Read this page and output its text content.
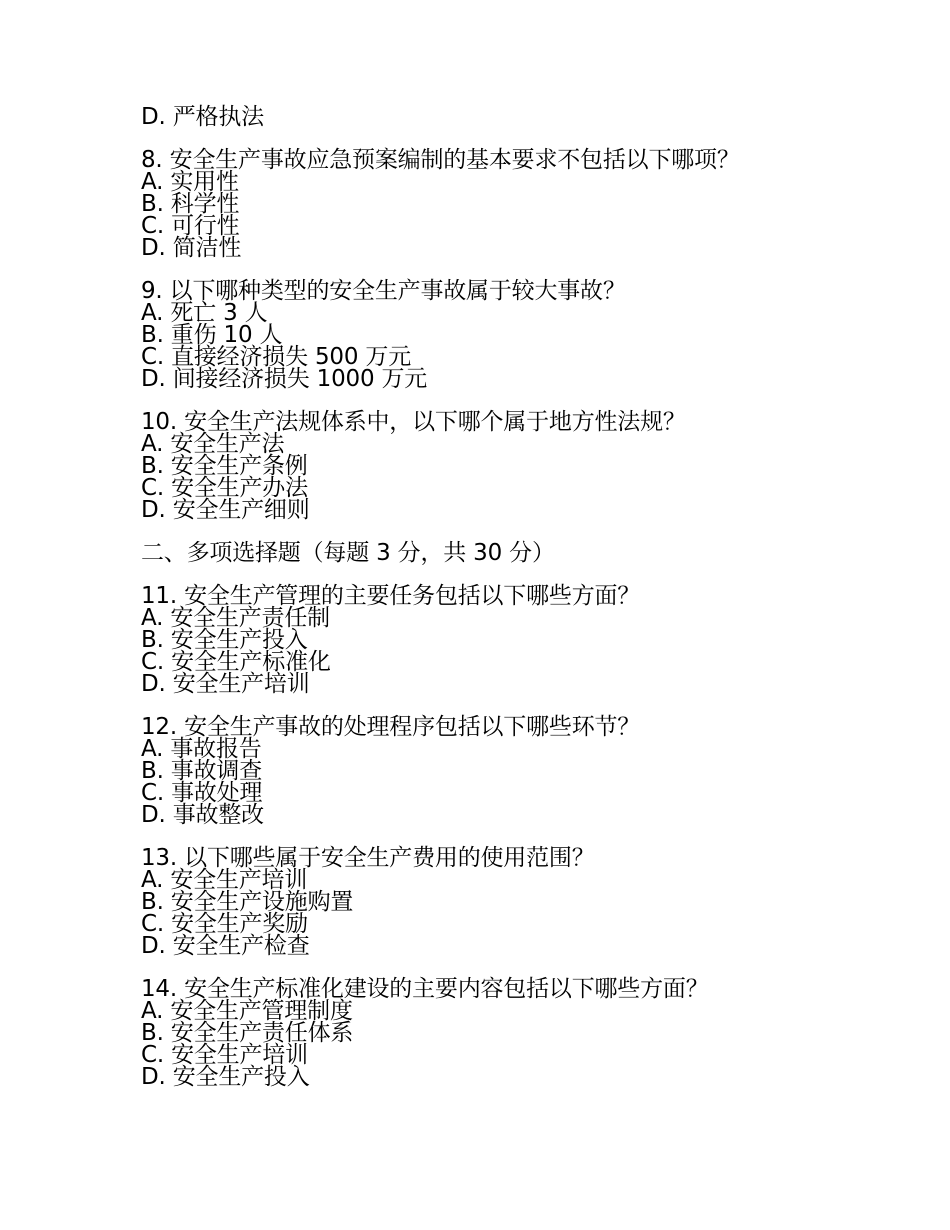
D. 严格执法
8. 安全生产事故应急预案编制的基本要求不包括以下哪项？
A. 实用性
B. 科学性
C. 可行性
D. 简洁性
9. 以下哪种类型的安全生产事故属于较大事故？
A. 死亡 3 人
B. 重伤 10 人
C. 直接经济损失 500 万元
D. 间接经济损失 1000 万元
10. 安全生产法规体系中，以下哪个属于地方性法规？
A. 安全生产法
B. 安全生产条例
C. 安全生产办法
D. 安全生产细则
二、多项选择题（每题 3 分，共 30 分）
11. 安全生产管理的主要任务包括以下哪些方面？
A. 安全生产责任制
B. 安全生产投入
C. 安全生产标准化
D. 安全生产培训
12. 安全生产事故的处理程序包括以下哪些环节？
A. 事故报告
B. 事故调查
C. 事故处理
D. 事故整改
13. 以下哪些属于安全生产费用的使用范围？
A. 安全生产培训
B. 安全生产设施购置
C. 安全生产奖励
D. 安全生产检查
14. 安全生产标准化建设的主要内容包括以下哪些方面？
A. 安全生产管理制度
B. 安全生产责任体系
C. 安全生产培训
D. 安全生产投入
